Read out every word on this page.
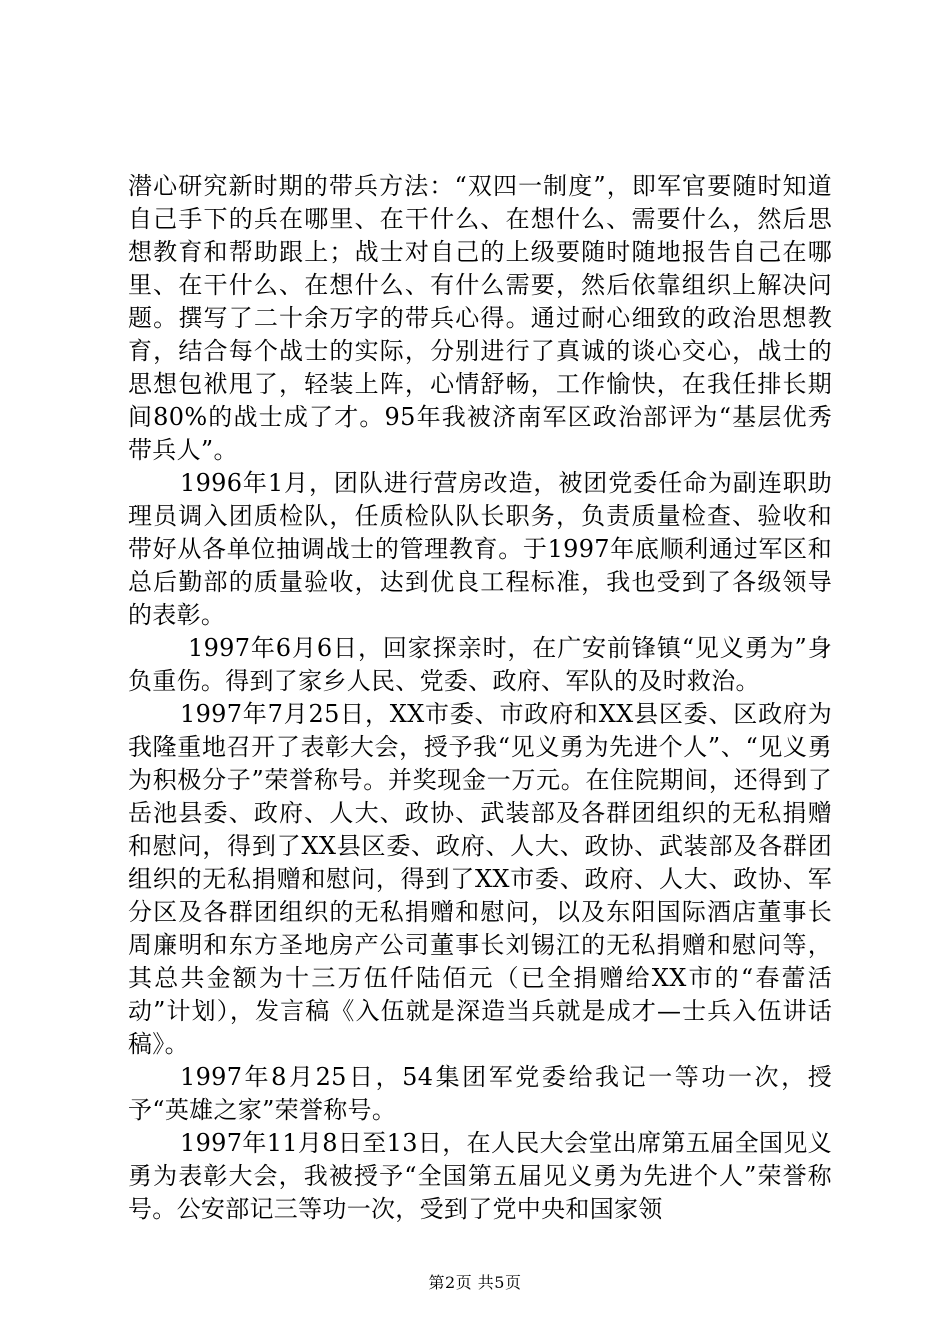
潜心研究新时期的带兵方法：“双四一制度”，即军官要随时知道自己手下的兵在哪里、在干什么、在想什么、需要什么，然后思想教育和帮助跟上；战士对自己的上级要随时随地报告自己在哪里、在干什么、在想什么、有什么需要，然后依靠组织上解决问题。撰写了二十余万字的带兵心得。通过耐心细致的政治思想教育，结合每个战士的实际，分别进行了真诚的谈心交心，战士的思想包袱甩了，轻装上阵，心情舒畅，工作愉快，在我任排长期间80%的战士成了才。95年我被济南军区政治部评为“基层优秀带兵人”。

1996年1月，团队进行营房改造，被团党委任命为副连职助理员调入团质检队，任质检队队长职务，负责质量检查、验收和带好从各单位抽调战士的管理教育。于1997年底顺利通过军区和总后勤部的质量验收，达到优良工程标准，我也受到了各级领导的表彰。

1997年6月6日，回家探亲时，在广安前锋镇“见义勇为”身负重伤。得到了家乡人民、党委、政府、军队的及时救治。

1997年7月25日，XX市委、市政府和XX县区委、区政府为我隆重地召开了表彰大会，授予我“见义勇为先进个人”、“见义勇为积极分子”荣誉称号。并奖现金一万元。在住院期间，还得到了岳池县委、政府、人大、政协、武装部及各群团组织的无私捐赠和慰问，得到了XX县区委、政府、人大、政协、武装部及各群团组织的无私捐赠和慰问，得到了XX市委、政府、人大、政协、军分区及各群团组织的无私捐赠和慰问，以及东阳国际酒店董事长周廉明和东方圣地房产公司董事长刘锡江的无私捐赠和慰问等，其总共金额为十三万伍仟陆佰元（已全捐赠给XX市的“春蕾活动”计划），发言稿《入伍就是深造当兵就是成才—士兵入伍讲话稿》。

1997年8月25日，54集团军党委给我记一等功一次，授予“英雄之家”荣誉称号。

1997年11月8日至13日，在人民大会堂出席第五届全国见义勇为表彰大会，我被授予“全国第五届见义勇为先进个人”荣誉称号。公安部记三等功一次，受到了党中央和国家领

第2页 共5页
